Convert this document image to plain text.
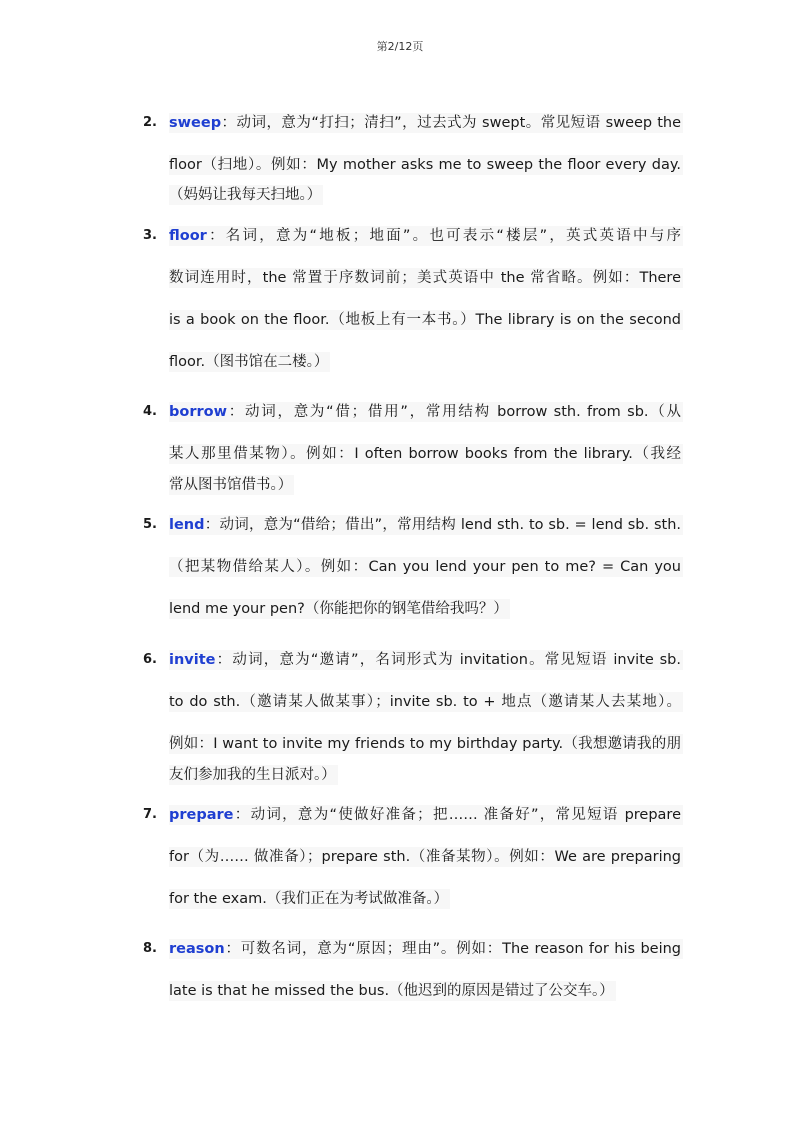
第2/12页
2. sweep：动词，意为“打扫；清扫”，过去式为 swept。常见短语 sweep the
floor（扫地）。例如：My mother asks me to sweep the floor every day.
（妈妈让我每天扫地。）
3. floor：名词，意为“地板；地面”。也可表示“楼层”，英式英语中与序
数词连用时，the 常置于序数词前；美式英语中 the 常省略。例如：There
is a book on the floor.（地板上有一本书。）The library is on the second
floor.（图书馆在二楼。）
4. borrow：动词，意为“借；借用”，常用结构 borrow sth. from sb.（从
某人那里借某物）。例如：I often borrow books from the library.（我经
常从图书馆借书。）
5. lend：动词，意为“借给；借出”，常用结构 lend sth. to sb. = lend sb. sth.
（把某物借给某人）。例如：Can you lend your pen to me? = Can you
lend me your pen?（你能把你的钢笔借给我吗？）
6. invite：动词，意为“邀请”，名词形式为 invitation。常见短语 invite sb.
to do sth.（邀请某人做某事）；invite sb. to + 地点（邀请某人去某地）。
例如：I want to invite my friends to my birthday party.（我想邀请我的朋
友们参加我的生日派对。）
7. prepare：动词，意为“使做好准备；把…… 准备好”，常见短语 prepare
for（为…… 做准备）；prepare sth.（准备某物）。例如：We are preparing
for the exam.（我们正在为考试做准备。）
8. reason：可数名词，意为“原因；理由”。例如：The reason for his being
late is that he missed the bus.（他迟到的原因是错过了公交车。）
